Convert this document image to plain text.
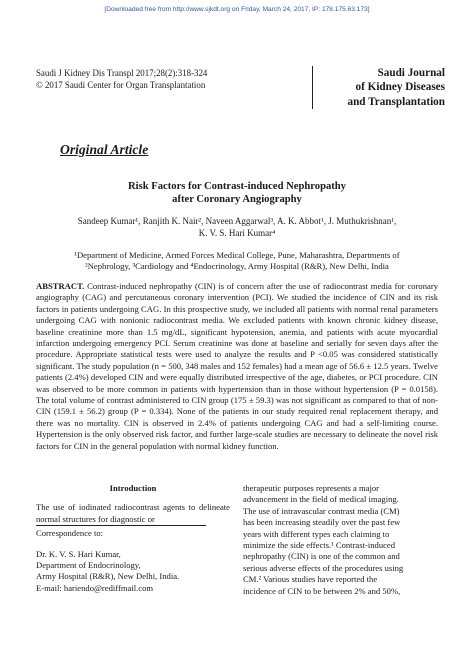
[Downloaded free from http://www.sjkdt.org on Friday, March 24, 2017, IP: 178.175.63.173]
Saudi J Kidney Dis Transpl 2017;28(2):318-324
© 2017 Saudi Center for Organ Transplantation
Saudi Journal
of Kidney Diseases
and Transplantation
Original Article
Risk Factors for Contrast-induced Nephropathy
after Coronary Angiography
Sandeep Kumar¹, Ranjith K. Nair², Naveen Aggarwal³, A. K. Abbot¹, J. Muthukrishnan¹,
K. V. S. Hari Kumar⁴
¹Department of Medicine, Armed Forces Medical College, Pune, Maharashtra, Departments of
²Nephrology, ³Cardiology and ⁴Endocrinology, Army Hospital (R&R), New Delhi, India
ABSTRACT. Contrast-induced nephropathy (CIN) is of concern after the use of radiocontrast media for coronary angiography (CAG) and percutaneous coronary intervention (PCI). We studied the incidence of CIN and its risk factors in patients undergoing CAG. In this prospective study, we included all patients with normal renal parameters undergoing CAG with nonionic radiocontrast media. We excluded patients with known chronic kidney disease, baseline creatinine more than 1.5 mg/dL, significant hypotension, anemia, and patients with acute myocardial infarction undergoing emergency PCI. Serum creatinine was done at baseline and serially for seven days after the procedure. Appropriate statistical tests were used to analyze the results and P <0.05 was considered statistically significant. The study population (n = 500, 348 males and 152 females) had a mean age of 56.6 ± 12.5 years. Twelve patients (2.4%) developed CIN and were equally distributed irrespective of the age, diabetes, or PCI procedure. CIN was observed to be more common in patients with hypertension than in those without hypertension (P = 0.0158). The total volume of contrast administered to CIN group (175 ± 59.3) was not significant as compared to that of non-CIN (159.1 ± 56.2) group (P = 0.334). None of the patients in our study required renal replacement therapy, and there was no mortality. CIN is observed in 2.4% of patients undergoing CAG and had a self-limiting course. Hypertension is the only observed risk factor, and further large-scale studies are necessary to delineate the novel risk factors for CIN in the general population with normal kidney function.
Introduction
The use of iodinated radiocontrast agents to delineate normal structures for diagnostic or
Correspondence to:
Dr. K. V. S. Hari Kumar,
Department of Endocrinology,
Army Hospital (R&R), New Delhi, India.
E-mail: hariendo@rediffmail.com
therapeutic purposes represents a major
advancement in the field of medical imaging.
The use of intravascular contrast media (CM)
has been increasing steadily over the past few
years with different types each claiming to
minimize the side effects.¹ Contrast-induced
nephropathy (CIN) is one of the common and
serious adverse effects of the procedures using
CM.² Various studies have reported the
incidence of CIN to be between 2% and 50%,
